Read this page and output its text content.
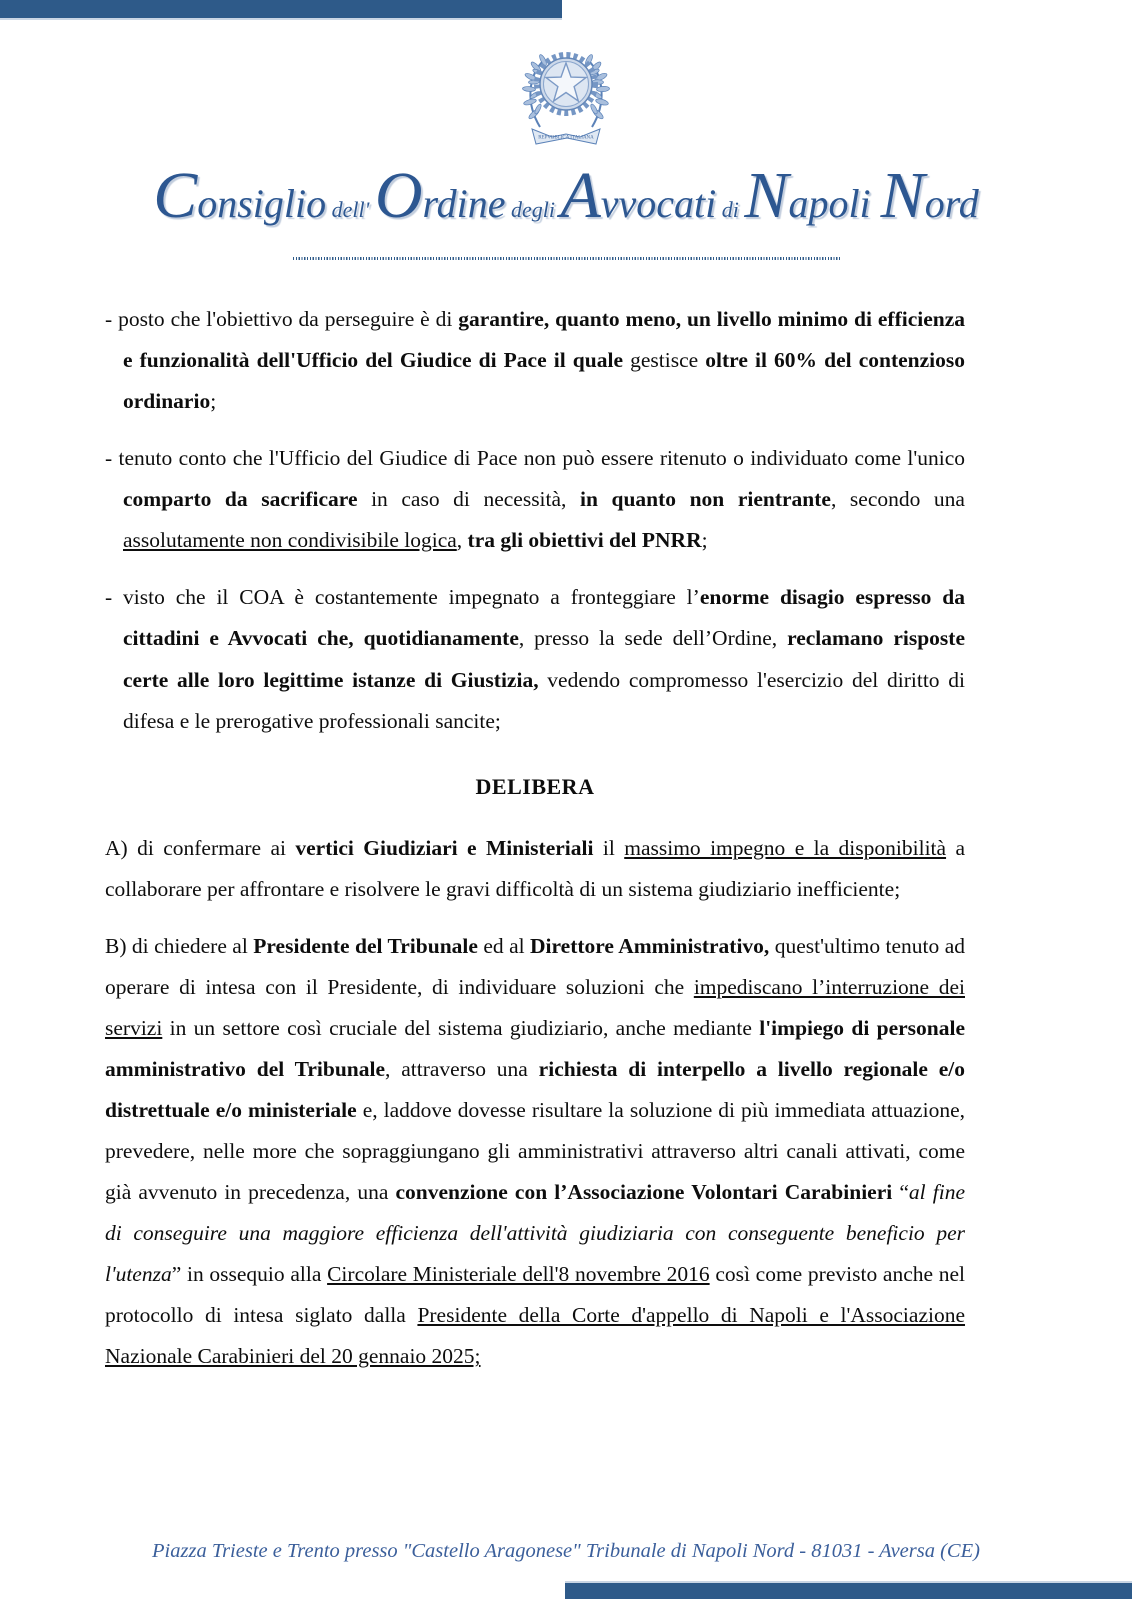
REPVBBLICA ITALIANA
Consiglio dell' Ordine degli Avvocati di Napoli Nord

- posto che l'obiettivo da perseguire è di garantire, quanto meno, un livello minimo di efficienza e funzionalità dell'Ufficio del Giudice di Pace il quale gestisce oltre il 60% del contenzioso ordinario;

- tenuto conto che l'Ufficio del Giudice di Pace non può essere ritenuto o individuato come l'unico comparto da sacrificare in caso di necessità, in quanto non rientrante, secondo una assolutamente non condivisibile logica, tra gli obiettivi del PNRR;

- visto che il COA è costantemente impegnato a fronteggiare l’enorme disagio espresso da cittadini e Avvocati che, quotidianamente, presso la sede dell’Ordine, reclamano risposte certe alle loro legittime istanze di Giustizia, vedendo compromesso l'esercizio del diritto di difesa e le prerogative professionali sancite;

DELIBERA

A) di confermare ai vertici Giudiziari e Ministeriali il massimo impegno e la disponibilità a collaborare per affrontare e risolvere le gravi difficoltà di un sistema giudiziario inefficiente;

B) di chiedere al Presidente del Tribunale ed al Direttore Amministrativo, quest'ultimo tenuto ad operare di intesa con il Presidente, di individuare soluzioni che impediscano l’interruzione dei servizi in un settore così cruciale del sistema giudiziario, anche mediante l'impiego di personale amministrativo del Tribunale, attraverso una richiesta di interpello a livello regionale e/o distrettuale e/o ministeriale e, laddove dovesse risultare la soluzione di più immediata attuazione, prevedere, nelle more che sopraggiungano gli amministrativi attraverso altri canali attivati, come già avvenuto in precedenza, una convenzione con l’Associazione Volontari Carabinieri “al fine di conseguire una maggiore efficienza dell'attività giudiziaria con conseguente beneficio per l'utenza” in ossequio alla Circolare Ministeriale dell'8 novembre 2016 così come previsto anche nel protocollo di intesa siglato dalla Presidente della Corte d'appello di Napoli e l'Associazione Nazionale Carabinieri del 20 gennaio 2025;

Piazza Trieste e Trento presso "Castello Aragonese" Tribunale di Napoli Nord - 81031 - Aversa (CE)
